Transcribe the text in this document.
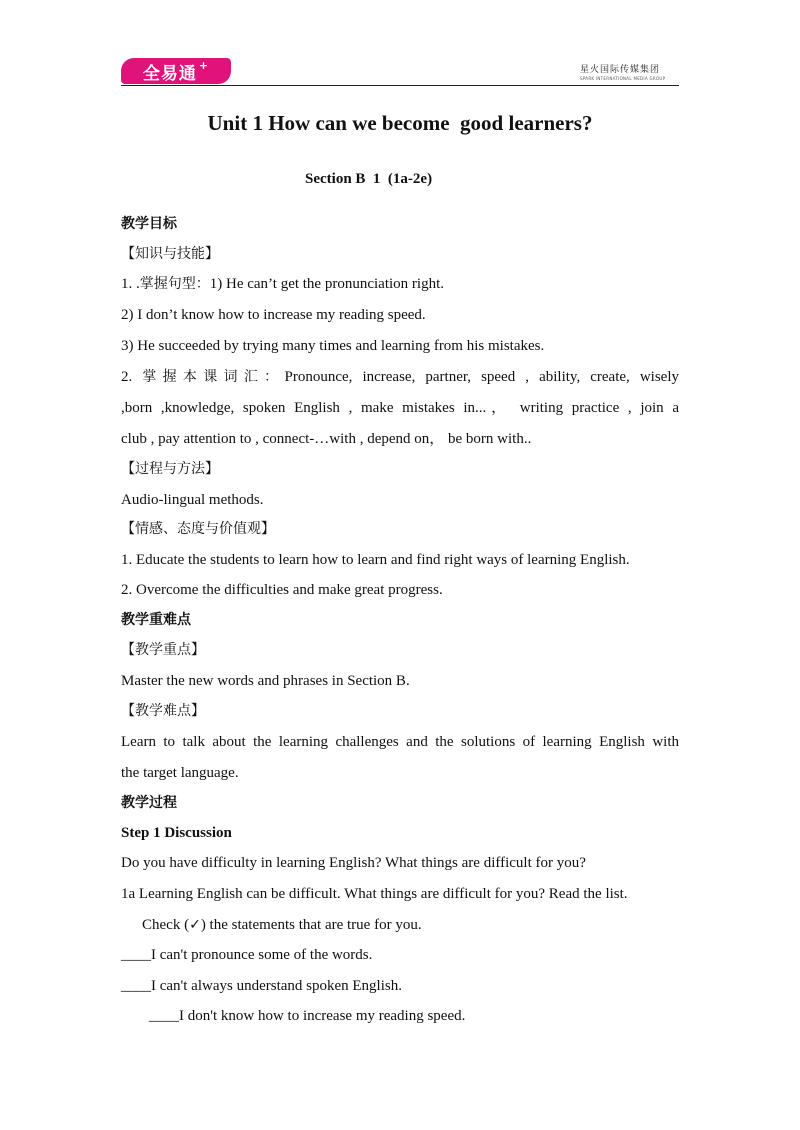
全易通 +	星火国际传媒集团
SPARK INTERNATIONAL MEDIA GROUP
Unit 1 How can we become  good learners?
Section B  1  (1a-2e)
教学目标
【知识与技能】
1. .掌握句型：1) He can’t get the pronunciation right.
2) I don’t know how to increase my reading speed.
3) He succeeded by trying many times and learning from his mistakes.
2. 掌握本课词汇：Pronounce, increase, partner, speed , ability, create, wisely
,born ,knowledge, spoken English , make mistakes in...， writing practice , join a
club , pay attention to , connect-…with , depend on， be born with..
【过程与方法】
Audio-lingual methods.
【情感、态度与价值观】
1. Educate the students to learn how to learn and find right ways of learning English.
2. Overcome the difficulties and make great progress.
教学重难点
【教学重点】
Master the new words and phrases in Section B.
【教学难点】
Learn to talk about the learning challenges and the solutions of learning English with
the target language.
教学过程
Step 1 Discussion
Do you have difficulty in learning English? What things are difficult for you?
1a Learning English can be difficult. What things are difficult for you? Read the list.
Check (✓) the statements that are true for you.
____I can't pronounce some of the words.
____I can't always understand spoken English.
____I don't know how to increase my reading speed.
